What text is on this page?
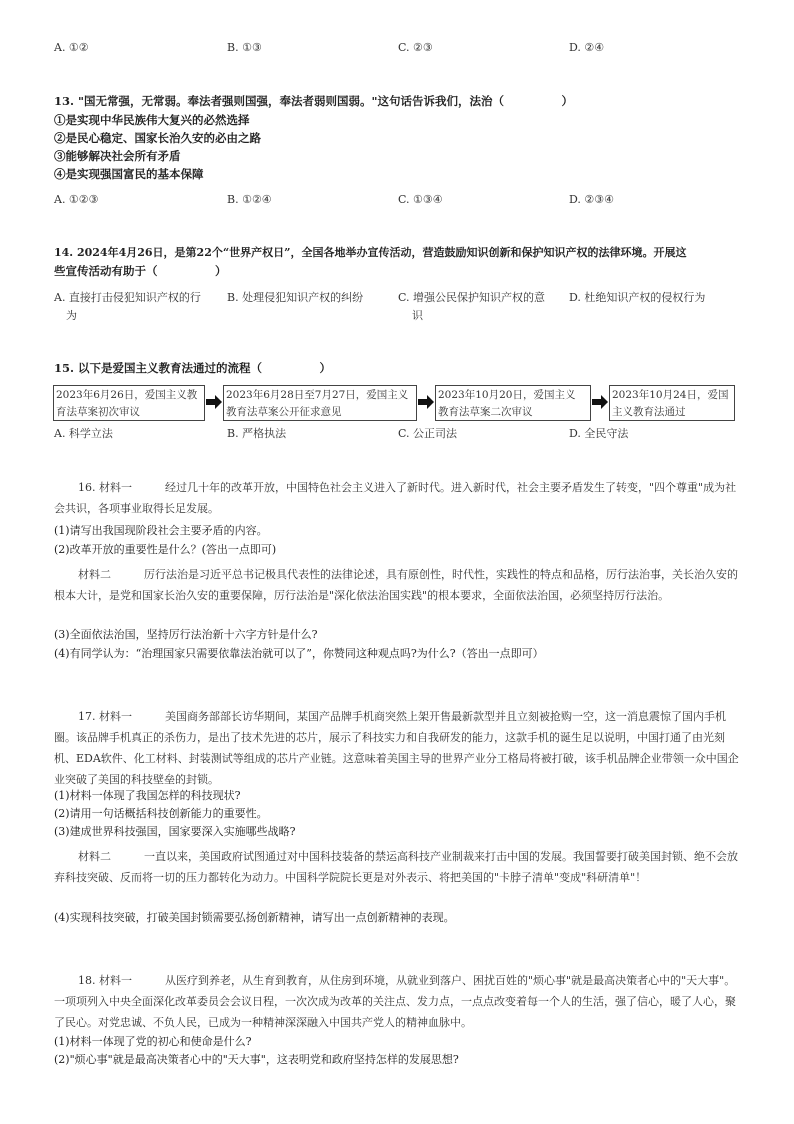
A. ①②	B. ①③	C. ②③	D. ②④
13. "国无常强，无常弱。奉法者强则国强，奉法者弱则国弱。"这句话告诉我们，法治（　　　　　）
①是实现中华民族伟大复兴的必然选择
②是民心稳定、国家长治久安的必由之路
③能够解决社会所有矛盾
④是实现强国富民的基本保障
A. ①②③	B. ①②④	C. ①③④	D. ②③④
14. 2024年4月26日，是第22个“世界产权日”，全国各地举办宣传活动，营造鼓励知识创新和保护知识产权的法律环境。开展这
些宣传活动有助于（　　　　　）
A. 直接打击侵犯知识产权的行
为
B. 处理侵犯知识产权的纠纷	C. 增强公民保护知识产权的意
识
D. 杜绝知识产权的侵权行为
15. 以下是爱国主义教育法通过的流程（　　　　　）
2023年6月26日，爱国主义教
育法草案初次审议
2023年6月28日至7月27日，爱国主义
教育法草案公开征求意见
2023年10月20日，爱国主义
教育法草案二次审议
2023年10月24日，爱国
主义教育法通过
A. 科学立法	B. 严格执法	C. 公正司法	D. 全民守法
16. 材料一　　　经过几十年的改革开放，中国特色社会主义进入了新时代。进入新时代，社会主要矛盾发生了转变，"四个尊重"成为社会共识，各项事业取得长足发展。
(1)请写出我国现阶段社会主要矛盾的内容。
(2)改革开放的重要性是什么？(答出一点即可)
材料二　　　厉行法治是习近平总书记极具代表性的法律论述，具有原创性，时代性，实践性的特点和品格，厉行法治事，关长治久安的根本大计，是党和国家长治久安的重要保障，厉行法治是"深化依法治国实践"的根本要求，全面依法治国，必须坚持厉行法治。
(3)全面依法治国，坚持厉行法治新十六字方针是什么?
(4)有同学认为：“治理国家只需要依靠法治就可以了”，你赞同这种观点吗?为什么?（答出一点即可）
17. 材料一　　　美国商务部部长访华期间，某国产品牌手机商突然上架开售最新款型并且立刻被抢购一空，这一消息震惊了国内手机圈。该品牌手机真正的杀伤力，是出了技术先进的芯片，展示了科技实力和自我研发的能力，这款手机的诞生足以说明，中国打通了由光刻机、EDA软件、化工材料、封装测试等组成的芯片产业链。这意味着美国主导的世界产业分工格局将被打破，该手机品牌企业带领一众中国企业突破了美国的科技壁垒的封锁。
(1)材料一体现了我国怎样的科技现状?
(2)请用一句话概括科技创新能力的重要性。
(3)建成世界科技强国，国家要深入实施哪些战略?
材料二　　　一直以来，美国政府试图通过对中国科技装备的禁运高科技产业制裁来打击中国的发展。我国誓要打破美国封锁、绝不会放弃科技突破、反而将一切的压力都转化为动力。中国科学院院长更是对外表示、将把美国的"卡脖子清单"变成"科研清单"！
(4)实现科技突破，打破美国封锁需要弘扬创新精神，请写出一点创新精神的表现。
18. 材料一　　　从医疗到养老，从生育到教育，从住房到环境，从就业到落户、困扰百姓的"烦心事"就是最高决策者心中的"天大事"。一项项列入中央全面深化改革委员会会议日程，一次次成为改革的关注点、发力点，一点点改变着每一个人的生活，强了信心，暖了人心，聚了民心。对党忠诚、不负人民，已成为一种精神深深融入中国共产党人的精神血脉中。
(1)材料一体现了党的初心和使命是什么?
(2)"烦心事"就是最高决策者心中的"天大事"，这表明党和政府坚持怎样的发展思想?
